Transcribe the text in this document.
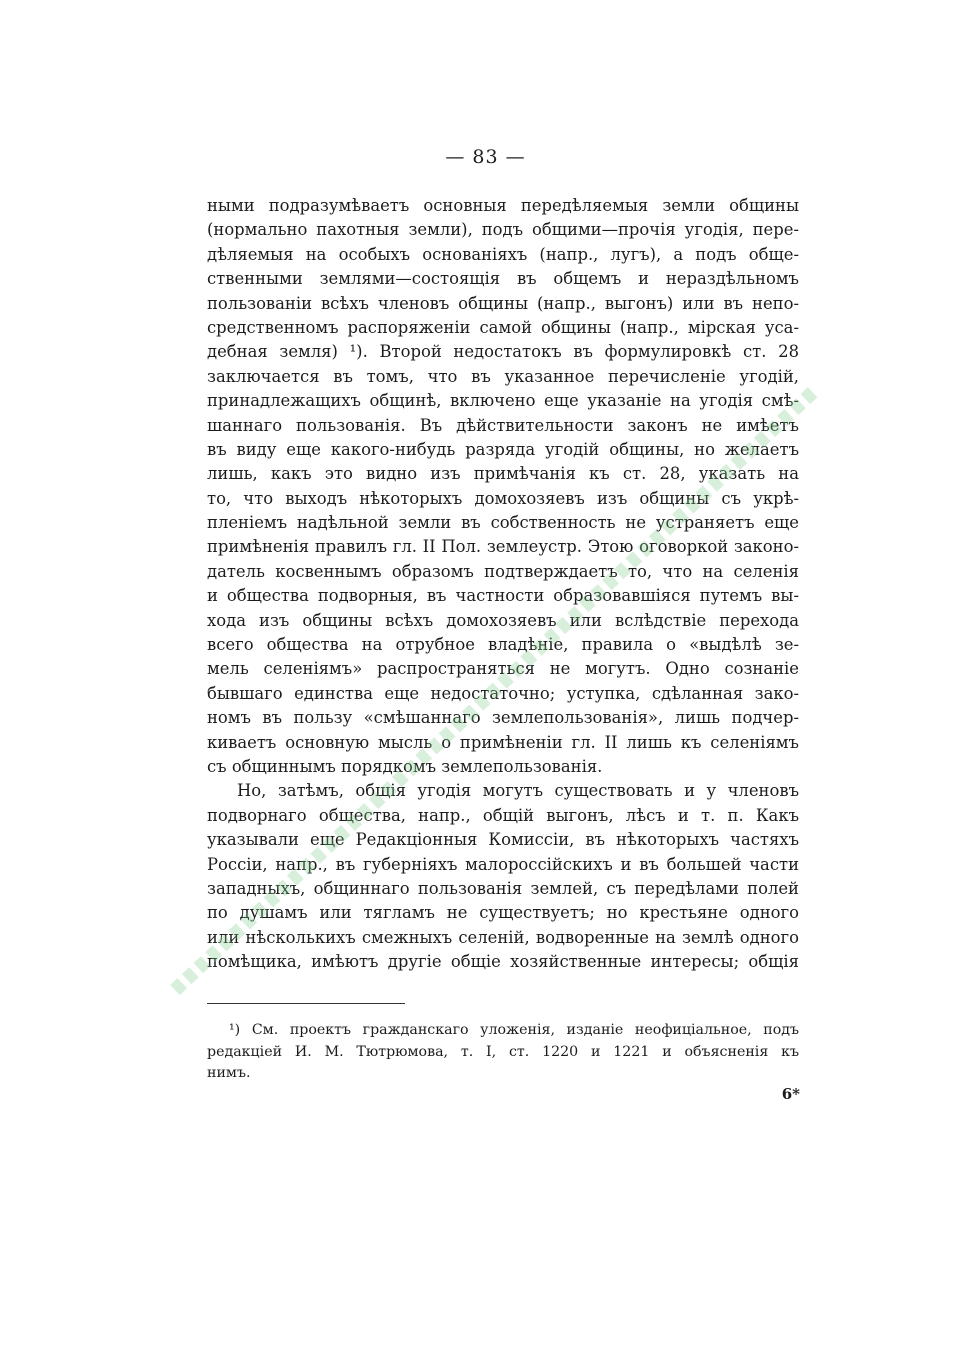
— 83 —
ными подразумѣваетъ основныя передѣляемыя земли общины
(нормально пахотныя земли), подъ общими—прочія угодія, пере-
дѣляемыя на особыхъ основаніяхъ (напр., лугъ), а подъ обще-
ственными землями—состоящія въ общемъ и нераздѣльномъ
пользованіи всѣхъ членовъ общины (напр., выгонъ) или въ непо-
средственномъ распоряженіи самой общины (напр., мірская уса-
дебная земля) ¹). Второй недостатокъ въ формулировкѣ ст. 28
заключается въ томъ, что въ указанное перечисленіе угодій,
принадлежащихъ общинѣ, включено еще указаніе на угодія смѣ-
шаннаго пользованія. Въ дѣйствительности законъ не имѣетъ
въ виду еще какого-нибудь разряда угодій общины, но желаетъ
лишь, какъ это видно изъ примѣчанія къ ст. 28, указать на
то, что выходъ нѣкоторыхъ домохозяевъ изъ общины съ укрѣ-
пленіемъ надѣльной земли въ собственность не устраняетъ еще
примѣненія правилъ гл. II Пол. землеустр. Этою оговоркой законо-
датель косвеннымъ образомъ подтверждаетъ то, что на селенія
и общества подворныя, въ частности образовавшіяся путемъ вы-
хода изъ общины всѣхъ домохозяевъ или вслѣдствіе перехода
всего общества на отрубное владѣніе, правила о «выдѣлѣ зе-
мель селеніямъ» распространяться не могутъ. Одно сознаніе
бывшаго единства еще недостаточно; уступка, сдѣланная зако-
номъ въ пользу «смѣшаннаго землепользованія», лишь подчер-
киваетъ основную мысль о примѣненіи гл. II лишь къ селеніямъ
съ общиннымъ порядкомъ землепользованія.
Но, затѣмъ, общія угодія могутъ существовать и у членовъ
подворнаго общества, напр., общій выгонъ, лѣсъ и т. п. Какъ
указывали еще Редакціонныя Комиссіи, въ нѣкоторыхъ частяхъ
Россіи, напр., въ губерніяхъ малороссійскихъ и въ большей части
западныхъ, общиннаго пользованія землей, съ передѣлами полей
по душамъ или тягламъ не существуетъ; но крестьяне одного
или нѣсколькихъ смежныхъ селеній, водворенные на землѣ одного
помѣщика, имѣютъ другіе общіе хозяйственные интересы; общія
¹) См. проектъ гражданскаго уложенія, изданіе неофиціальное, подъ
редакціей И. М. Тютрюмова, т. I, ст. 1220 и 1221 и объясненія къ
нимъ.
6*
